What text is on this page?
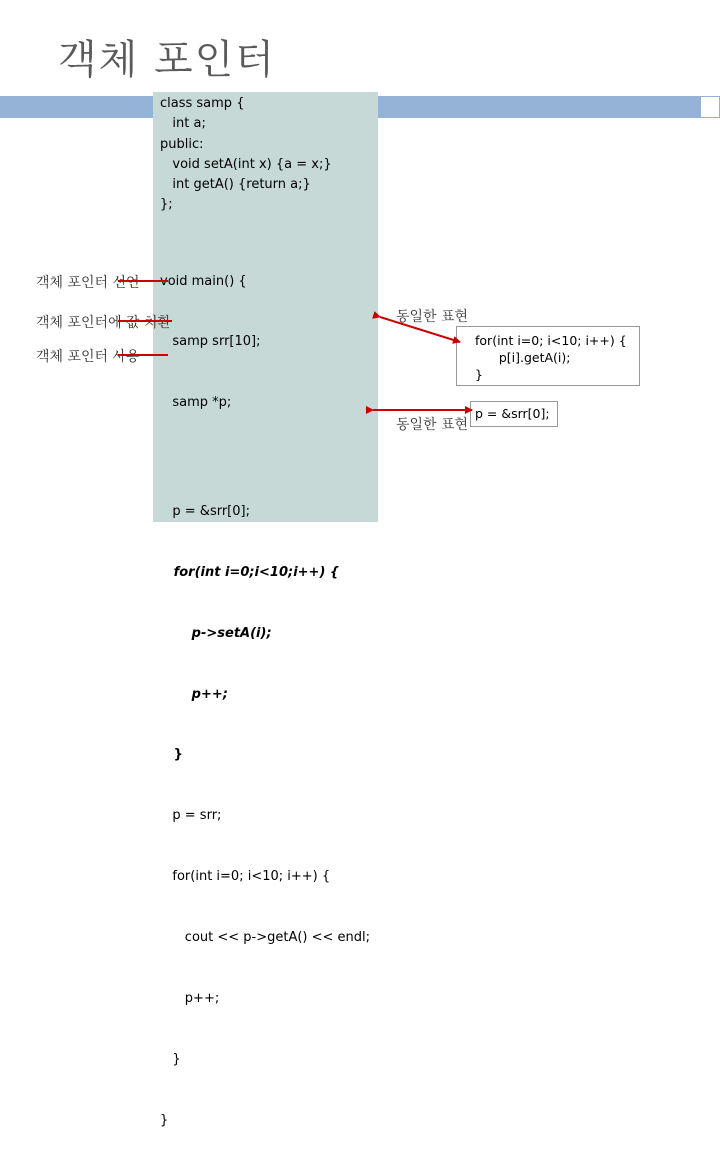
객체 포인터
class samp {
int a;
public:
void setA(int x) {a = x;}
int getA() {return a;}
};

void main() {

samp srr[10];

samp *p;

p = &srr[0];

for(int i=0;i<10;i++) {

p->setA(i);

p++;

}

p = srr;

for(int i=0; i<10; i++) {

cout << p->getA() << endl;

p++;

}

}

객체 포인터 선언
객체 포인터에 값 치환
객체 포인터 사용
동일한 표현
동일한 표현
for(int i=0; i<10; i++) {
p[i].getA(i);
}
p = &srr[0];
